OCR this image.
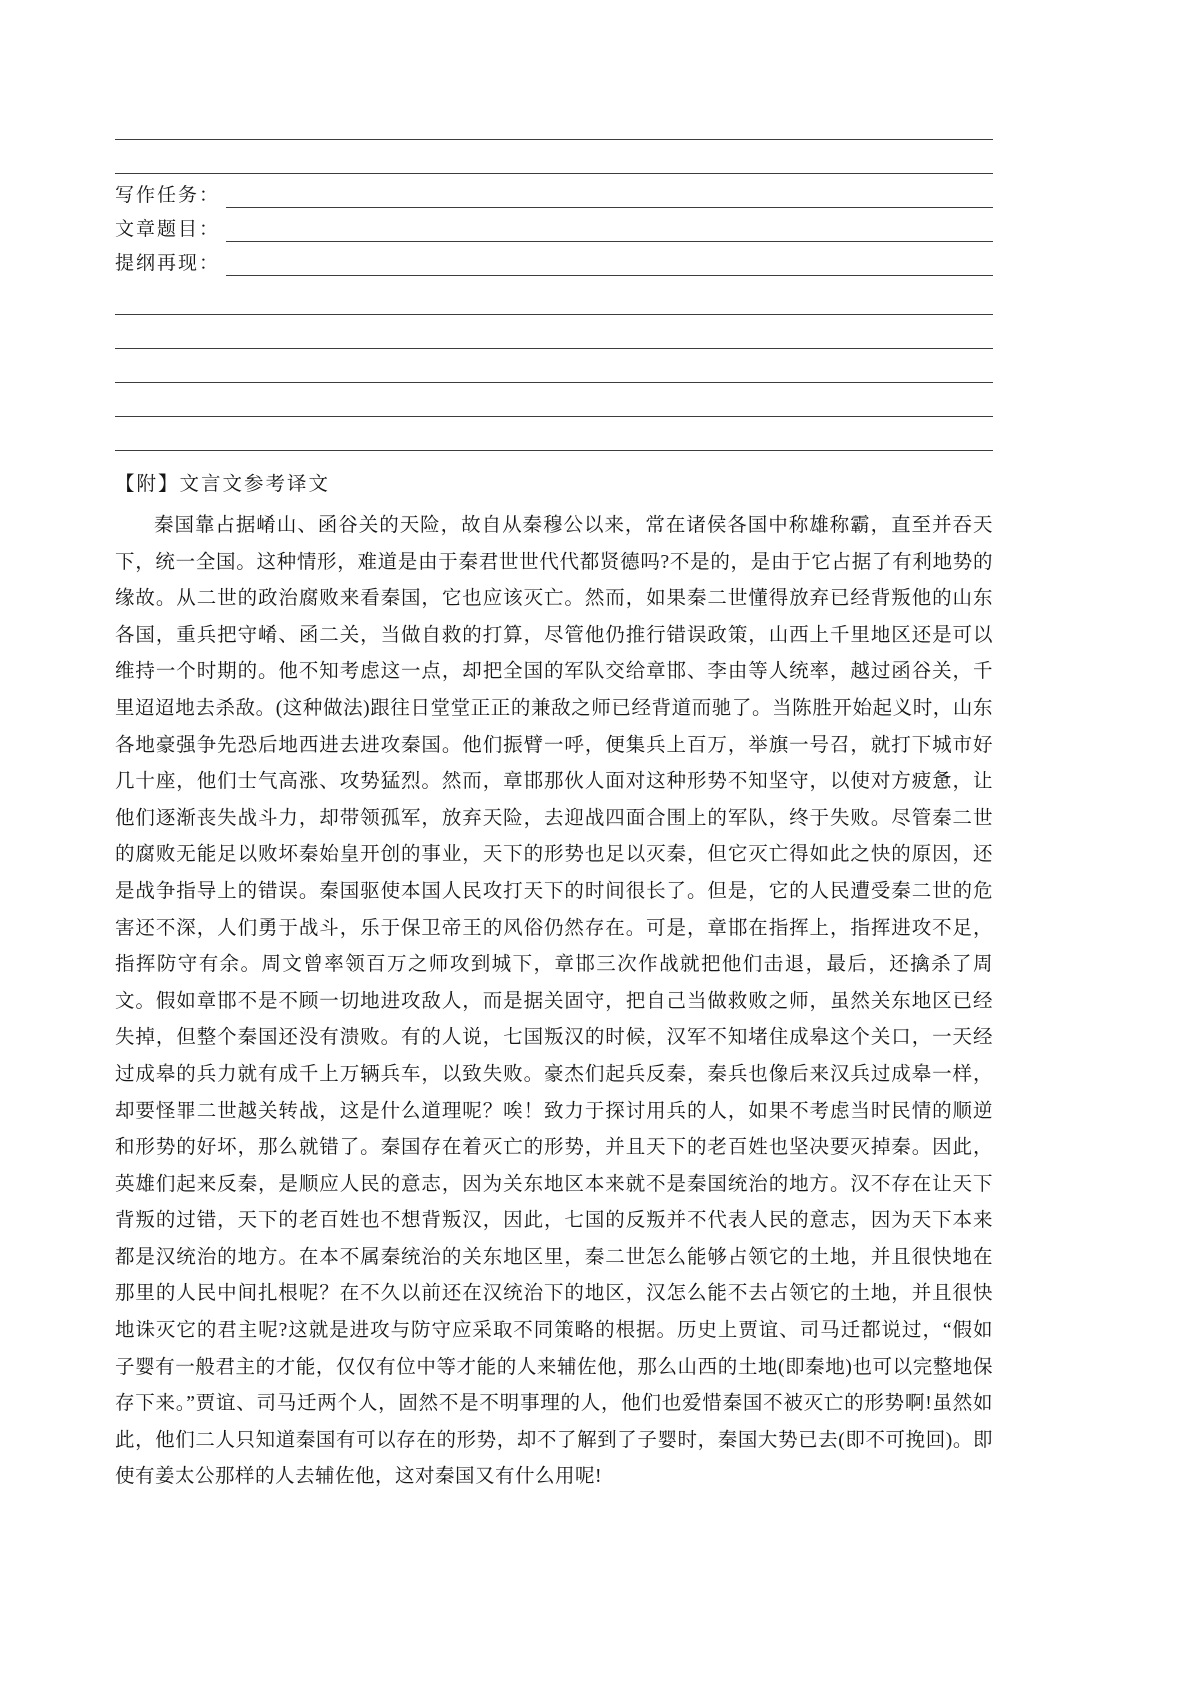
写作任务：
文章题目：
提纲再现：
【附】文言文参考译文

秦国靠占据崤山、函谷关的天险，故自从秦穆公以来，常在诸侯各国中称雄称霸，直至并吞天下，统一全国。这种情形，难道是由于秦君世世代代都贤德吗?不是的，是由于它占据了有利地势的缘故。从二世的政治腐败来看秦国，它也应该灭亡。然而，如果秦二世懂得放弃已经背叛他的山东各国，重兵把守崤、函二关，当做自救的打算，尽管他仍推行错误政策，山西上千里地区还是可以维持一个时期的。他不知考虑这一点，却把全国的军队交给章邯、李由等人统率，越过函谷关，千里迢迢地去杀敌。(这种做法)跟往日堂堂正正的兼敌之师已经背道而驰了。当陈胜开始起义时，山东各地豪强争先恐后地西进去进攻秦国。他们振臂一呼，便集兵上百万，举旗一号召，就打下城市好几十座，他们士气高涨、攻势猛烈。然而，章邯那伙人面对这种形势不知坚守，以使对方疲惫，让他们逐渐丧失战斗力，却带领孤军，放弃天险，去迎战四面合围上的军队，终于失败。尽管秦二世的腐败无能足以败坏秦始皇开创的事业，天下的形势也足以灭秦，但它灭亡得如此之快的原因，还是战争指导上的错误。秦国驱使本国人民攻打天下的时间很长了。但是，它的人民遭受秦二世的危害还不深，人们勇于战斗，乐于保卫帝王的风俗仍然存在。可是，章邯在指挥上，指挥进攻不足，指挥防守有余。周文曾率领百万之师攻到城下，章邯三次作战就把他们击退，最后，还擒杀了周文。假如章邯不是不顾一切地进攻敌人，而是据关固守，把自己当做救败之师，虽然关东地区已经失掉，但整个秦国还没有溃败。有的人说，七国叛汉的时候，汉军不知堵住成皋这个关口，一天经过成皋的兵力就有成千上万辆兵车，以致失败。豪杰们起兵反秦，秦兵也像后来汉兵过成皋一样，却要怪罪二世越关转战，这是什么道理呢？唉！致力于探讨用兵的人，如果不考虑当时民情的顺逆和形势的好坏，那么就错了。秦国存在着灭亡的形势，并且天下的老百姓也坚决要灭掉秦。因此，英雄们起来反秦，是顺应人民的意志，因为关东地区本来就不是秦国统治的地方。汉不存在让天下背叛的过错，天下的老百姓也不想背叛汉，因此，七国的反叛并不代表人民的意志，因为天下本来都是汉统治的地方。在本不属秦统治的关东地区里，秦二世怎么能够占领它的土地，并且很快地在那里的人民中间扎根呢？在不久以前还在汉统治下的地区，汉怎么能不去占领它的土地，并且很快地诛灭它的君主呢?这就是进攻与防守应采取不同策略的根据。历史上贾谊、司马迁都说过，“假如子婴有一般君主的才能，仅仅有位中等才能的人来辅佐他，那么山西的土地(即秦地)也可以完整地保存下来。”贾谊、司马迁两个人，固然不是不明事理的人，他们也爱惜秦国不被灭亡的形势啊!虽然如此，他们二人只知道秦国有可以存在的形势，却不了解到了子婴时，秦国大势已去(即不可挽回)。即使有姜太公那样的人去辅佐他，这对秦国又有什么用呢!
